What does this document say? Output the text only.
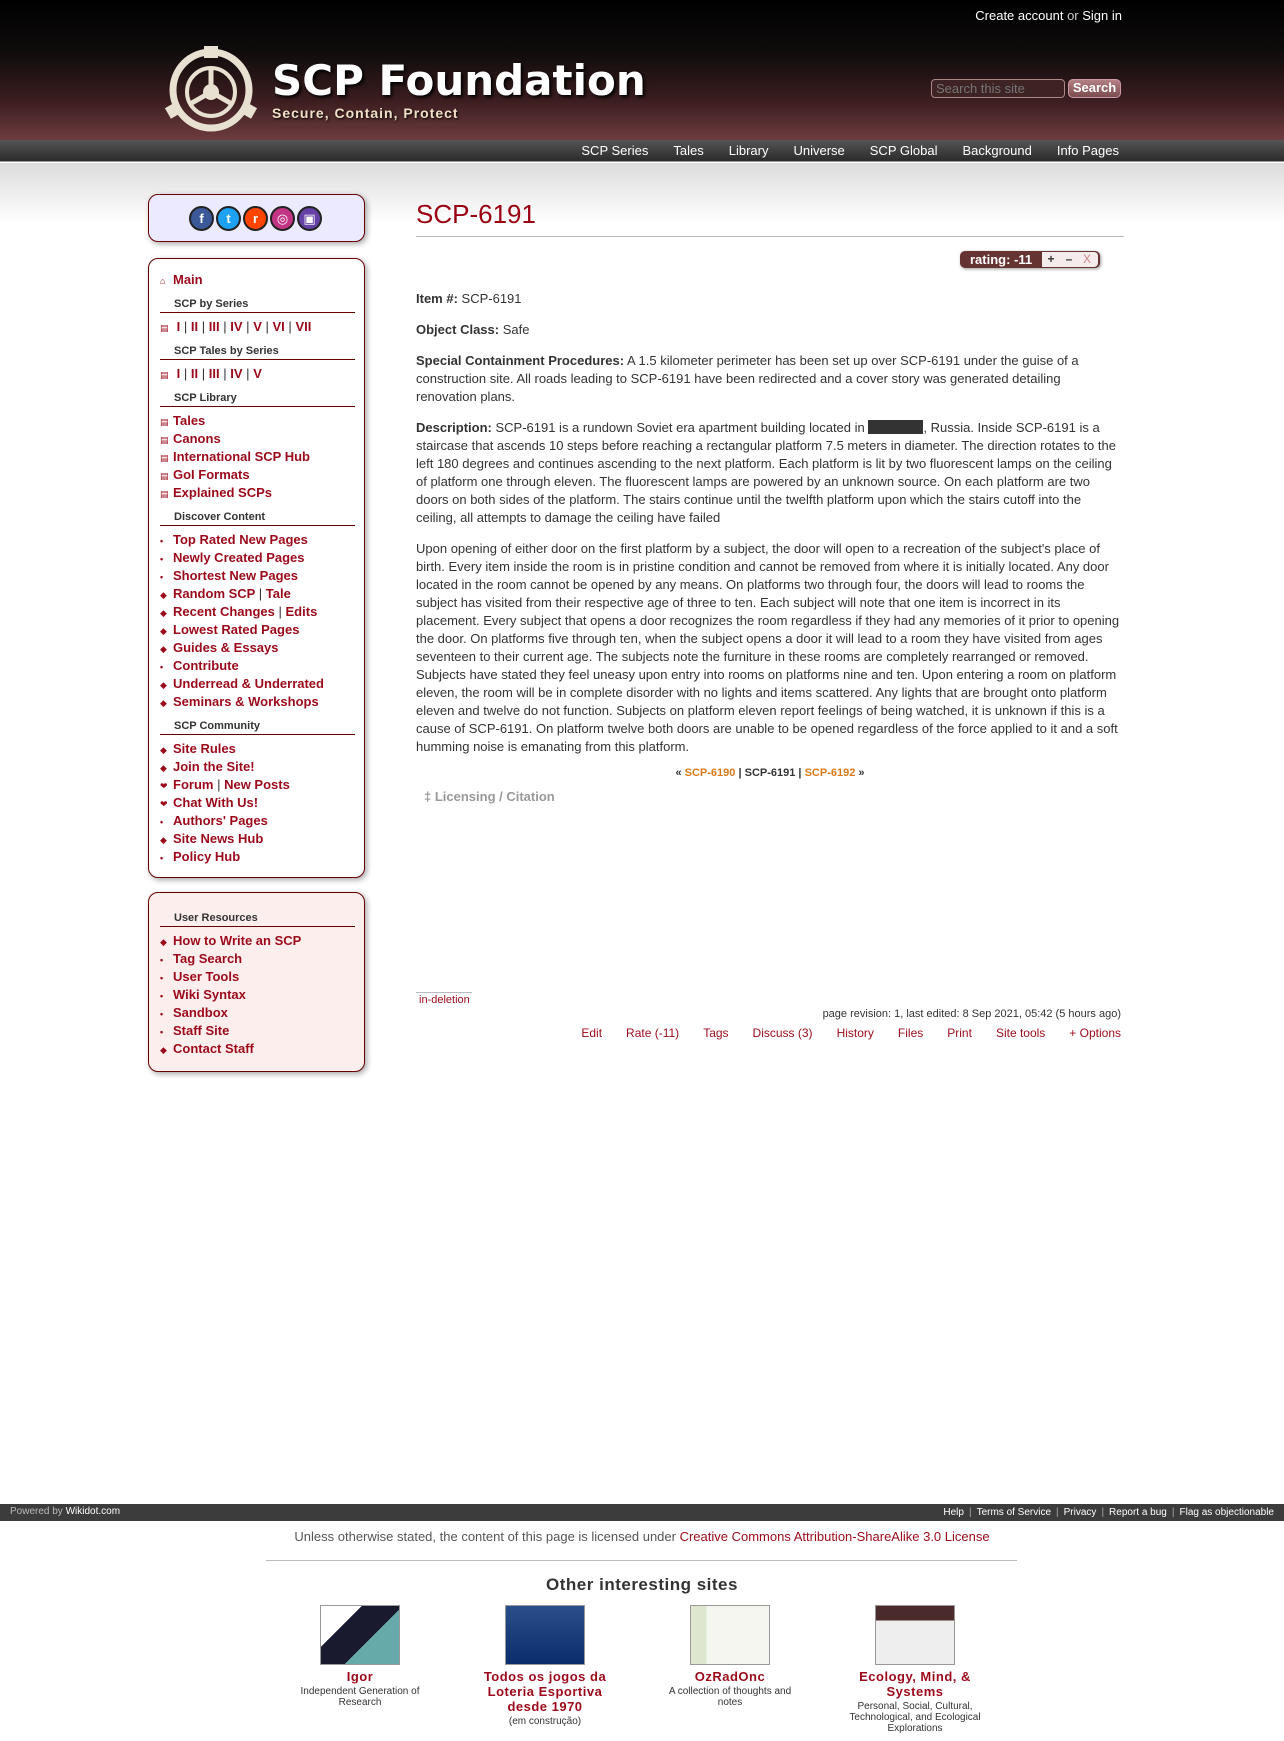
Create account or Sign in
SCP Foundation
Secure, Contain, Protect
Search this site
Search
SCP Series Tales Library Universe SCP Global Background Info Pages
f	t	r	◎	▣
⌂ Main
SCP by Series
▤ I | II | III | IV | V | VI | VII
SCP Tales by Series
▤ I | II | III | IV | V
SCP Library
▤ Tales
▤ Canons
▤ International SCP Hub
▤ GoI Formats
▤ Explained SCPs
Discover Content
• Top Rated New Pages
• Newly Created Pages
• Shortest New Pages
◆ Random SCP | Tale
◆ Recent Changes | Edits
◆ Lowest Rated Pages
◆ Guides & Essays
• Contribute
◆ Underread & Underrated
◆ Seminars & Workshops
SCP Community
◆ Site Rules
◆ Join the Site!
❤ Forum | New Posts
❤ Chat With Us!
• Authors' Pages
◆ Site News Hub
• Policy Hub
User Resources
◆ How to Write an SCP
• Tag Search
• User Tools
• Wiki Syntax
• Sandbox
• Staff Site
◆ Contact Staff
SCP-6191
rating: -11	+ – X

Item #: SCP-6191

Object Class: Safe

Special Containment Procedures: A 1.5 kilometer perimeter has been set up over SCP-6191 under the guise of a construction site. All roads leading to SCP-6191 have been redirected and a cover story was generated detailing renovation plans.

Description: SCP-6191 is a rundown Soviet era apartment building located in	, Russia. Inside SCP-6191 is a staircase that ascends 10 steps before reaching a rectangular platform 7.5 meters in diameter. The direction rotates to the left 180 degrees and continues ascending to the next platform. Each platform is lit by two fluorescent lamps on the ceiling of platform one through eleven. The fluorescent lamps are powered by an unknown source. On each platform are two doors on both sides of the platform. The stairs continue until the twelfth platform upon which the stairs cutoff into the ceiling, all attempts to damage the ceiling have failed

Upon opening of either door on the first platform by a subject, the door will open to a recreation of the subject's place of birth. Every item inside the room is in pristine condition and cannot be removed from where it is initially located. Any door located in the room cannot be opened by any means. On platforms two through four, the doors will lead to rooms the subject has visited from their respective age of three to ten. Each subject will note that one item is incorrect in its placement. Every subject that opens a door recognizes the room regardless if they had any memories of it prior to opening the door. On platforms five through ten, when the subject opens a door it will lead to a room they have visited from ages seventeen to their current age. The subjects note the furniture in these rooms are completely rearranged or removed. Subjects have stated they feel uneasy upon entry into rooms on platforms nine and ten. Upon entering a room on platform eleven, the room will be in complete disorder with no lights and items scattered. Any lights that are brought onto platform eleven and twelve do not function. Subjects on platform eleven report feelings of being watched, it is unknown if this is a cause of SCP-6191. On platform twelve both doors are unable to be opened regardless of the force applied to it and a soft humming noise is emanating from this platform.

« SCP-6190 | SCP-6191 | SCP-6192 »
‡ Licensing / Citation
in-deletion
page revision: 1, last edited: 8 Sep 2021, 05:42 (5 hours ago)
Edit Rate (-11) Tags Discuss (3) History Files Print Site tools + Options
Powered by Wikidot.com	Help | Terms of Service | Privacy | Report a bug | Flag as objectionable
Unless otherwise stated, the content of this page is licensed under Creative Commons Attribution-ShareAlike 3.0 License
Other interesting sites
Igor
Independent Generation of Research
Todos os jogos da Loteria Esportiva desde 1970
(em construção)
OzRadOnc
A collection of thoughts and notes
Ecology, Mind, & Systems
Personal, Social, Cultural, Technological, and Ecological Explorations
